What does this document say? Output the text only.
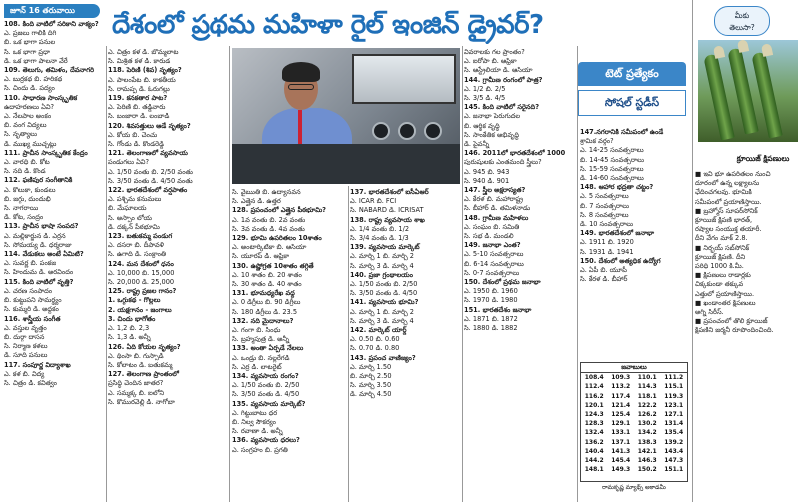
జూన్ 16 తరువాయి	దేశంలో ప్రథమ మహిళా రైల్ ఇంజిన్ డ్రైవర్?

108. కింది వాటిలో సరికాని వాక్యం?

ఎ. ప్రజలు గాలికి దిగి

బి. ఒక భాగా పనుల

సి. ఒక భాగా ప్రధా

డి. ఒక భాగా పాలనా వేరే

109. తెలుగు, తమిళం, దేవనాగరి

ఎ. బుర్రకథ బి. హరికథ

సి. చిందు డి. పద్యం

110. సాధారణ సాంస్కృతిక

ఉదాహరణలు ఏవి?

ఎ. నేలపాల అంకం

బి. వంగ విద్యలు

సి. నృత్యాలు

డి. ముఖ్య ముచ్చట్లు

111. ప్రాచీన సాంస్కృతిక కేంద్రం

ఎ. వారధి బి. కోట

సి. నది డి. కొండ

112. ఫణిపుర సంగీతానికి

ఎ. కొలుకా, కుండలు

బి. జగ్గు, దుందుభి

సి. నాగరాయి

డి. కోట, సంద్రం

113. ప్రాచీన భాషా సంపద?

ఎ. మల్లికార్జున డి. ఎర్రన

సి. సోమయ్య డి. ధర్మరాజు

114. వేడుకలు అంటే ఏమిటి?

ఎ. సువర్ణ బి. పంకజ

సి. హిందుమ డి. అరవిందం

115. కింది వాటిలో వృత్తి?

ఎ. చరణ సంపాదం

బి. కుట్టుపని సామర్థ్యం

సి. కుమ్మరి డి. అద్దకం

116. శాస్త్రీయ సంగీత

ఎ. వస్తుల వృత్తం

బి. దుర్గా దాసన

సి. నిర్మాణ కళలు

డి. సూది పనులు

117. సంపూర్ణ విద్యాశాఖ

ఎ. కళ బి. విద్య

సి. చిత్రం డి. కవిత్వం

ఎ. చిత్రం కళ డి. బొమ్మలాట

సి. మిశ్రిత కళ డి. కారుడ

118. పెరిణి (శివ) నృత్యం?

ఎ. పాలంపేట బి. కాకతీయ

సి. రామప్ప డి. ఓరుగల్లు

119. కనకతార పాట?

ఎ. పెరిణి బి. తడ్డివారు

సి. బంజారా డి. లంబాడి

120. శివసత్తులు ఆడే నృత్యం?

ఎ. కోయ బి. చెంచు

సి. గోండు డి. కొండరెడ్డి

121. తెలంగాణలో వ్యవసాయ

పండుగలు ఏవి?

ఎ. 1/50 వంతు బి. 2/50 వంతు

సి. 3/50 వంతు డి. 4/50 వంతు

122. భారతదేశంలో వర్షపాతం

ఎ. పశ్చిమ కనుమలు

బి. మేఘాలయ

సి. అస్సాం లోయ

డి. దక్కన్ పీఠభూమి

123. బతుకమ్మ పండుగ

ఎ. దసరా బి. దీపావళి

సి. ఉగాది డి. సంక్రాంతి

124. మన దేశంలో ధనం

ఎ. 10,000 బి. 15,000

సి. 20,000 డి. 25,000

125. రాష్ట్ర ప్రజల గానం?

1. ఒగ్గుకథ - గొల్లలు

2. యక్షగానం - జంగాలు

3. చిందు భాగోతం

ఎ. 1,2 బి. 2,3

సి. 1,3 డి. అన్నీ

126. ఏది కోయల నృత్యం?

ఎ. థింసా బి. గుస్సాడి

సి. కోలాటం డి. బతుకమ్మ

127. తెలంగాణ ప్రాంతంలో

ప్రసిద్ధి చెందిన జాతర?

ఎ. సమ్మక్క బి. ఐలోని

సి. కొమురవెల్లి డి. నాగోబా

సి. వైఋతి బి. ఉద్యానవన

సి. ఎత్తైన డి. ఉత్తర

128. ప్రపంచంలో ఎత్తైన పీఠభూమి?

ఎ. 1వ వంతు బి. 2వ వంతు

సి. 3వ వంతు డి. 4వ వంతు

129. భూమి ఉపరితలం 10శాతం

ఎ. అంటార్కిటికా బి. ఆసియా

సి. యూరప్ డి. ఆఫ్రికా

130. ఉష్ణోగ్రత 10శాతం తగ్గితే

ఎ. 10 శాతం బి. 20 శాతం

సి. 30 శాతం డి. 40 శాతం

131. భూమధ్యరేఖ వద్ద

ఎ. 0 డిగ్రీలు బి. 90 డిగ్రీలు

సి. 180 డిగ్రీలు డి. 23.5

132. నది మైదానాలు?

ఎ. గంగా బి. సింధు

సి. బ్రహ్మపుత్ర డి. అన్నీ

133. అంతా ఏర్పడే నేలలు

ఎ. ఒండ్రు బి. నల్లరేగడి

సి. ఎర్ర డి. లాటరైట్

134. వ్యవసాయ రంగం?

ఎ. 1/50 వంతు బి. 2/50

సి. 3/50 వంతు డి. 4/50

135. వ్యవసాయ మార్కెట్?

ఎ. గిట్టుబాటు ధర

బి. నిల్వ సౌకర్యం

సి. రవాణా డి. అన్నీ

136. వ్యవసాయ ధరలు?

ఎ. సంగ్రహం బి. ప్రగతి

137. భారతదేశంలో ఐసీఏఆర్

ఎ. ICAR బి. FCI

సి. NABARD డి. ICRISAT

138. రాష్ట్ర వ్యవసాయ శాఖ

ఎ. 1/4 వంతు బి. 1/2

సి. 3/4 వంతు డి. 1/3

139. వ్యవసాయ మార్కెట్

ఎ. మార్చి 1 బి. మార్చి 2

సి. మార్చి 3 డి. మార్చి 4

140. ప్రజా గ్రంథాలయం

ఎ. 1/50 వంతు బి. 2/50

సి. 3/50 వంతు డి. 4/50

141. వ్యవసాయ భూమి?

ఎ. మార్చి 1 బి. మార్చి 2

సి. మార్చి 3 డి. మార్చి 4

142. మార్కెట్ యార్డ్

ఎ. 0.50 బి. 0.60

సి. 0.70 డి. 0.80

143. ప్రపంచ వాణిజ్యం?

ఎ. మార్చి 1.50

బి. మార్చి 2.50

సి. మార్చి 3.50

డి. మార్చి 4.50

వివరాలకు గల ప్రాంతం?

ఎ. ఐరోపా బి. ఆఫ్రికా

సి. ఆస్ట్రేలియా డి. ఆసియా

144. గ్రామీణ రంగంలో పాత్ర?

ఎ. 1/2 బి. 2/5

సి. 3/5 డి. 4/5

145. కింది వాటిలో సరైనది?

ఎ. జనాభా పెరుగుదల

బి. ఆర్థిక వృద్ధి

సి. సాంకేతిక అభివృద్ధి

డి. పైవన్నీ

146. 2011లో భారతదేశంలో 1000

పురుషులకు ఎంతమంది స్త్రీలు?

ఎ. 945 బి. 943

సి. 940 డి. 901

147. స్త్రీల అక్షరాస్యత?

ఎ. కేరళ బి. మహారాష్ట్ర

సి. బీహార్ డి. తమిళనాడు

148. గ్రామీణ మహిళలు

ఎ. సంఘం బి. సమితి

సి. సభ డి. మండలి

149. జనాభా ఎంత?

ఎ. 5-10 సంవత్సరాలు

బి. 6-14 సంవత్సరాలు

సి. 0-7 సంవత్సరాలు

150. దేశంలో ప్రథమ జనాభా

ఎ. 1950 బి. 1960

సి. 1970 డి. 1980

151. భారతదేశం జనాభా

ఎ. 1871 బి. 1872

సి. 1880 డి. 1882

టెట్ ప్రత్యేకం
సోషల్ స్టడీస్

147.నగరానికి సమీపంలో ఉండే

శ్రామిక వర్గం?

ఎ. 14-25 సంవత్సరాలు

బి. 14-45 సంవత్సరాలు

సి. 15-59 సంవత్సరాలు

డి. 14-60 సంవత్సరాలు

148. ఆహార భద్రతా చట్టం?

ఎ. 5 సంవత్సరాలు

బి. 7 సంవత్సరాలు

సి. 8 సంవత్సరాలు

డి. 10 సంవత్సరాలు

149. భారతదేశంలో జనాభా

ఎ. 1911 బి. 1920

సి. 1931 డి. 1941

150. దేశంలో అత్యధిక ఉద్యోగ

ఎ. ఏపీ బి. యూపీ

సి. కేరళ డి. బీహార్

జవాబులు
108.4	109.3	110.1	111.2
112.4	113.2	114.3	115.1
116.2	117.4	118.1	119.3
120.1	121.4	122.2	123.1
124.3	125.4	126.2	127.1
128.3	129.1	130.2	131.4
132.4	133.1	134.2	135.4
136.2	137.1	138.3	139.2
140.4	141.3	142.1	143.4
144.2	145.4	146.3	147.3
148.1	149.3	150.2	151.1
రామకృష్ణ మ్యాథ్స్ అకాడమీ
మీకు
తెలుసా?
క్రూయిజ్ క్షిపణులు

■ ఇవి భూ ఉపరితలం నుంచి

దూరంలో ఉన్న లక్ష్యాలను

ఛేదించగలవు. భూమికి

సమీపంలో ప్రయాణిస్తాయి.

■ బ్రహ్మోస్ సూపర్‌సోనిక్

క్రూయిజ్ క్షిపణి భారత్,

రష్యాల సంయుక్త తయారీ.

దీని వేగం మాక్ 2.8.

■ నిర్భయ్ సబ్‌సోనిక్

క్రూయిజ్ క్షిపణి. దీని

పరిధి 1000 కి.మీ.

■ క్షిపణులు రాడార్లకు

చిక్కకుండా తక్కువ

ఎత్తులో ప్రయాణిస్తాయి.

■ ఖండాంతర క్షిపణులు

అగ్ని సిరీస్.

■ ప్రపంచంలో తొలి క్రూయిజ్

క్షిపణిని జర్మనీ రూపొందించింది.
